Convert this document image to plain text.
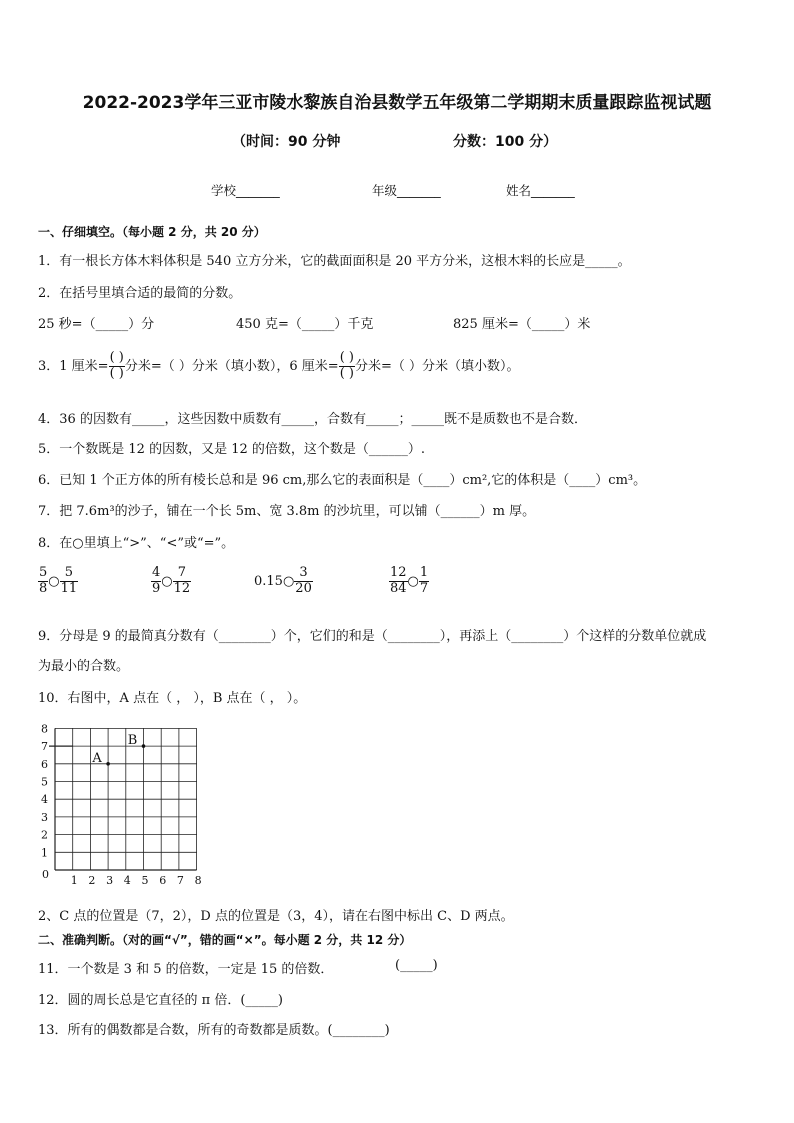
2022-2023学年三亚市陵水黎族自治县数学五年级第二学期期末质量跟踪监视试题
（时间：90 分钟	分数：100 分）
学校_______	年级_______	姓名_______
一、仔细填空。（每小题 2 分，共 20 分）
1．有一根长方体木料体积是 540 立方分米，它的截面面积是 20 平方分米，这根木料的长应是_____。
2．在括号里填合适的最简的分数。
25 秒=（_____）分	450 克=（_____）千克	825 厘米=（_____）米
3．1 厘米= $\frac{( )}{( )}$ 分米=（ ）分米（填小数），6 厘米= $\frac{( )}{( )}$ 分米=（ ）分米（填小数）。
4．36 的因数有_____，这些因数中质数有_____，合数有_____；_____既不是质数也不是合数．
5．一个数既是 12 的因数，又是 12 的倍数，这个数是（______）.
6．已知 1 个正方体的所有棱长总和是 96 cm,那么它的表面积是（____）cm²,它的体积是（____）cm³。
7．把 7.6m³的沙子，铺在一个长 5m、宽 3.8m 的沙坑里，可以铺（______）m 厚。
8．在○里填上“>”、“<”或“=”。
$\frac{5}{8}$ ○ $\frac{5}{11}$	$\frac{4}{9}$ ○ $\frac{7}{12}$	0.15○ $\frac{3}{20}$	$\frac{12}{84}$ ○ $\frac{1}{7}$
9．分母是 9 的最简真分数有（________）个，它们的和是（________），再添上（________）个这样的分数单位就成
为最小的合数。
10．右图中，A 点在（ ， ），B 点在（ ， ）。
0 1 2 3 4 5 6 7 8
1
2
3
4
5
6
7
8
A
B
2、C 点的位置是（7，2），D 点的位置是（3，4），请在右图中标出 C、D 两点。
二、准确判断。（对的画“√”，错的画“×”。每小题 2 分，共 12 分）
11．一个数是 3 和 5 的倍数，一定是 15 的倍数．	(_____)
12．圆的周长总是它直径的 π 倍．(_____)
13．所有的偶数都是合数，所有的奇数都是质数。(________)
